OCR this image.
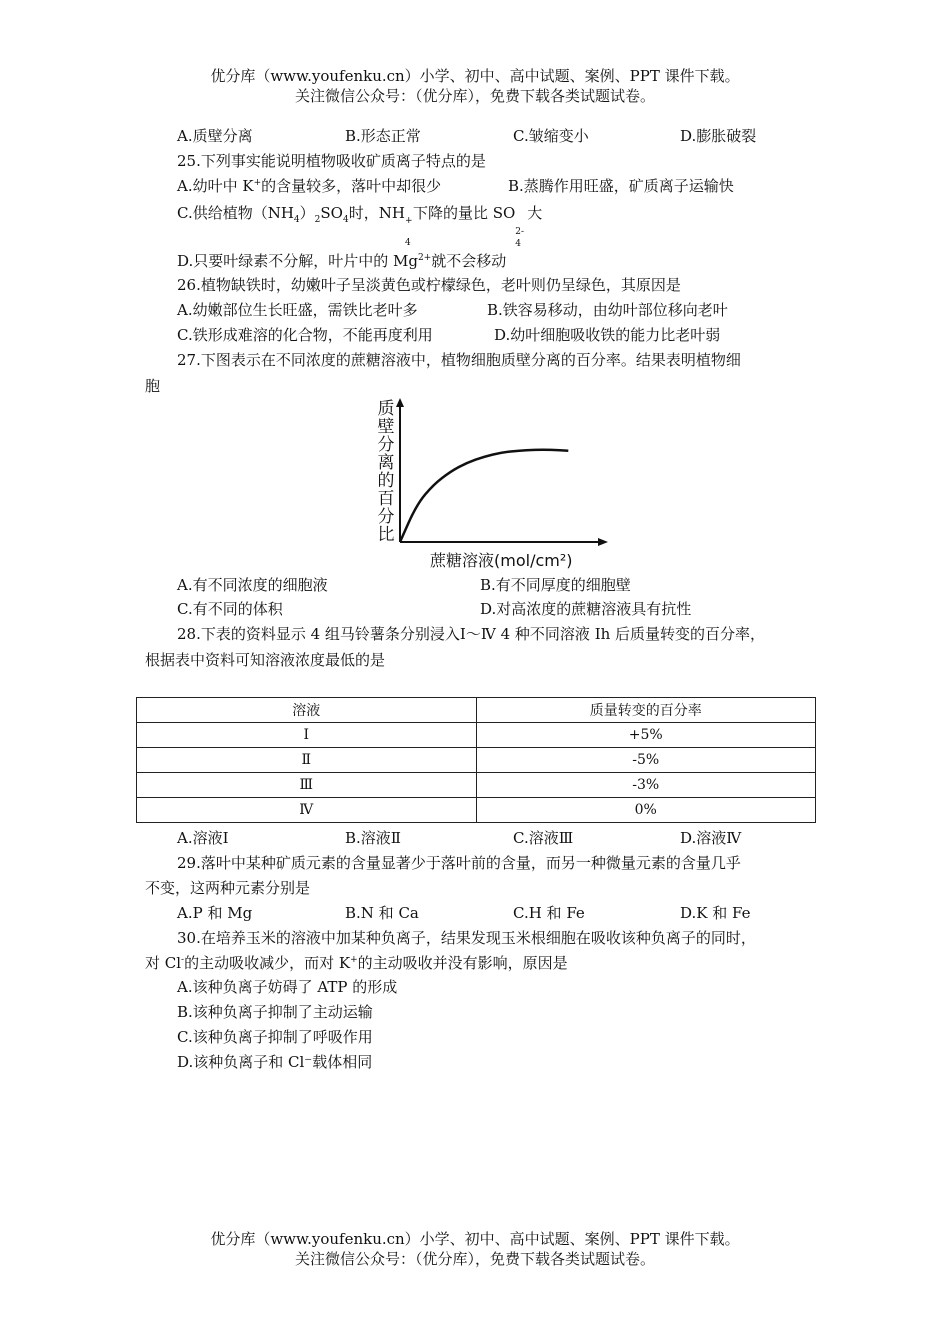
优分库（www.youfenku.cn）小学、初中、高中试题、案例、PPT 课件下载。
关注微信公众号：（优分库），免费下载各类试题试卷。
A.质壁分离	B.形态正常	C.皱缩变小	D.膨胀破裂
25.下列事实能说明植物吸收矿质离子特点的是
A.幼叶中 K+的含量较多，落叶中却很少	B.蒸腾作用旺盛，矿质离子运输快
C.供给植物$(NH_4)_2SO_4$时，NH +
4
下降的量比 SO
2-
4
大
D.只要叶绿素不分解，叶片中的 $Mg^{2+}$就不会移动
26.植物缺铁时，幼嫩叶子呈淡黄色或柠檬绿色，老叶则仍呈绿色，其原因是
A.幼嫩部位生长旺盛，需铁比老叶多	B.铁容易移动，由幼叶部位移向老叶
C.铁形成难溶的化合物，不能再度利用	D.幼叶细胞吸收铁的能力比老叶弱
27.下图表示在不同浓度的蔗糖溶液中，植物细胞质壁分离的百分率。结果表明植物细
胞
质
壁
分
离
的
百
分
比
蔗糖溶液(mol/cm²)
A.有不同浓度的细胞液	B.有不同厚度的细胞壁
C.有不同的体积	D.对高浓度的蔗糖溶液具有抗性
28.下表的资料显示 4 组马铃薯条分别浸入Ⅰ～Ⅳ 4 种不同溶液 Ih 后质量转变的百分率，
根据表中资料可知溶液浓度最低的是
溶液	质量转变的百分率
Ⅰ	+5%
Ⅱ	-5%
Ⅲ	-3%
Ⅳ	0%
A.溶液Ⅰ	B.溶液Ⅱ	C.溶液Ⅲ	D.溶液Ⅳ
29.落叶中某种矿质元素的含量显著少于落叶前的含量，而另一种微量元素的含量几乎
不变，这两种元素分别是
A.P 和 Mg	B.N 和 Ca	C.H 和 Fe	D.K 和 Fe
30.在培养玉米的溶液中加某种负离子，结果发现玉米根细胞在吸收该种负离子的同时，
对 Cl-的主动吸收减少，而对 K+的主动吸收并没有影响，原因是
A.该种负离子妨碍了 ATP 的形成
B.该种负离子抑制了主动运输
C.该种负离子抑制了呼吸作用
D.该种负离子和 Cl⁻载体相同
优分库（www.youfenku.cn）小学、初中、高中试题、案例、PPT 课件下载。
关注微信公众号：（优分库），免费下载各类试题试卷。
